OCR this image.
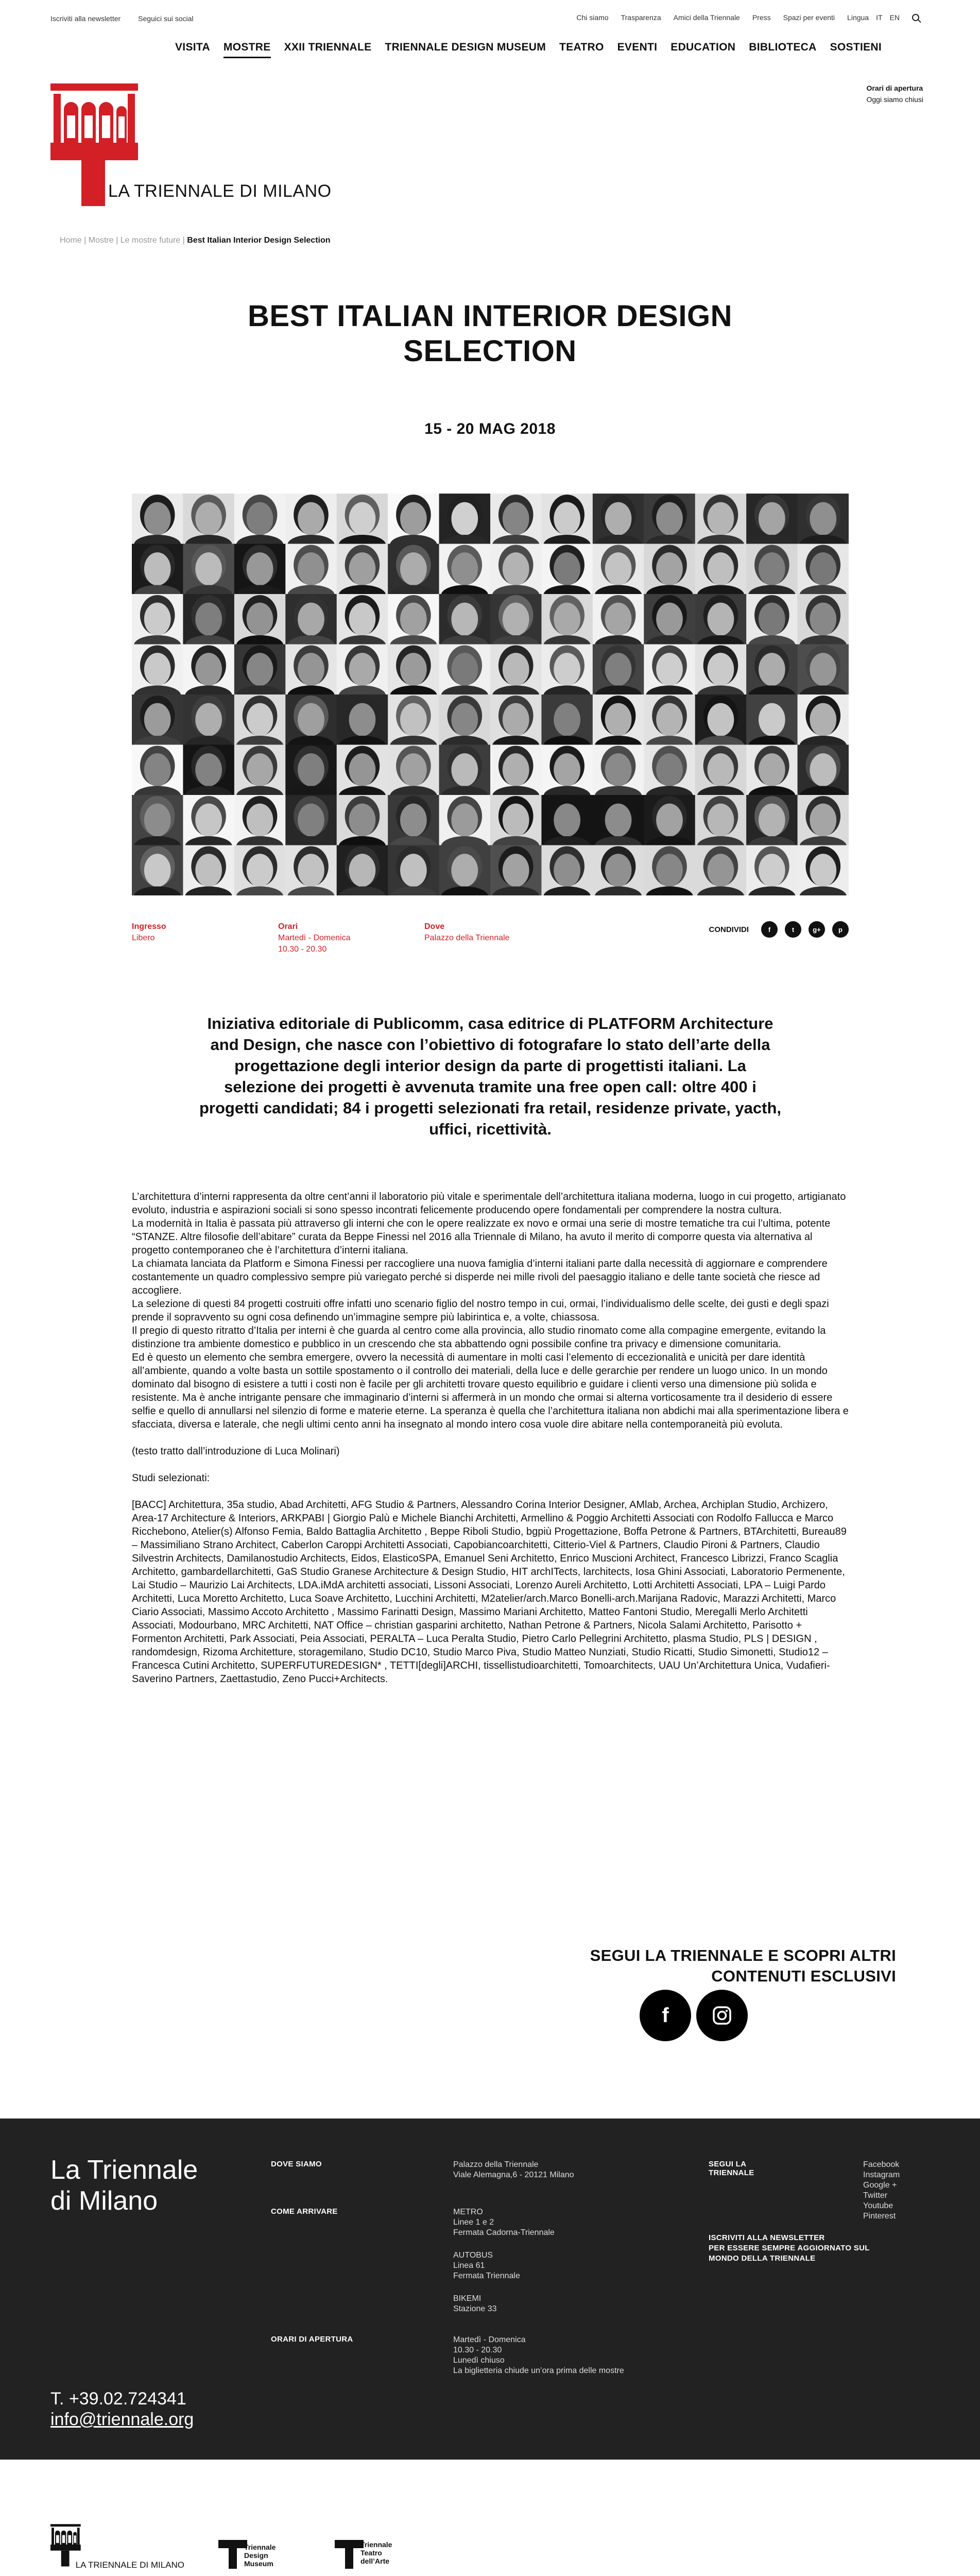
Iscriviti alla newsletter Seguici sui social	Chi siamo Trasparenza Amici della Triennale Press Spazi per eventi Lingua IT EN
VISITA MOSTRE XXII TRIENNALE TRIENNALE DESIGN MUSEUM TEATRO EVENTI EDUCATION BIBLIOTECA SOSTIENI
LA TRIENNALE DI MILANO
Orari di apertura
Oggi siamo chiusi
Home | Mostre | Le mostre future | Best Italian Interior Design Selection
BEST ITALIAN INTERIOR DESIGN
SELECTION
15 - 20 MAG 2018
Ingresso
Libero
Orari
Martedì - Domenica
10.30 - 20.30
Dove
Palazzo della Triennale
CONDIVIDI	f	t	g+	p
Iniziativa editoriale di Publicomm, casa editrice di PLATFORM Architecture and Design, che nasce con l’obiettivo di fotografare lo stato dell’arte della progettazione degli interior design da parte di progettisti italiani. La selezione dei progetti è avvenuta tramite una free open call: oltre 400 i progetti candidati; 84 i progetti selezionati fra retail, residenze private, yacth, uffici, ricettività.

L’architettura d’interni rappresenta da oltre cent’anni il laboratorio più vitale e sperimentale dell’architettura italiana moderna, luogo in cui progetto, artigianato evoluto, industria e aspirazioni sociali si sono spesso incontrati felicemente producendo opere fondamentali per comprendere la nostra cultura.

La modernità in Italia è passata più attraverso gli interni che con le opere realizzate ex novo e ormai una serie di mostre tematiche tra cui l’ultima, potente “STANZE. Altre filosofie dell’abitare” curata da Beppe Finessi nel 2016 alla Triennale di Milano, ha avuto il merito di comporre questa via alternativa al progetto contemporaneo che è l’architettura d’interni italiana.

La chiamata lanciata da Platform e Simona Finessi per raccogliere una nuova famiglia d’interni italiani parte dalla necessità di aggiornare e comprendere costantemente un quadro complessivo sempre più variegato perché si disperde nei mille rivoli del paesaggio italiano e delle tante società che riesce ad accogliere.

La selezione di questi 84 progetti costruiti offre infatti uno scenario figlio del nostro tempo in cui, ormai, l’individualismo delle scelte, dei gusti e degli spazi prende il sopravvento su ogni cosa definendo un’immagine sempre più labirintica e, a volte, chiassosa.

Il pregio di questo ritratto d’Italia per interni è che guarda al centro come alla provincia, allo studio rinomato come alla compagine emergente, evitando la distinzione tra ambiente domestico e pubblico in un crescendo che sta abbattendo ogni possibile confine tra privacy e dimensione comunitaria.

Ed è questo un elemento che sembra emergere, ovvero la necessità di aumentare in molti casi l’elemento di eccezionalità e unicità per dare identità all’ambiente, quando a volte basta un sottile spostamento o il controllo dei materiali, della luce e delle gerarchie per rendere un luogo unico. In un mondo dominato dal bisogno di esistere a tutti i costi non è facile per gli architetti trovare questo equilibrio e guidare i clienti verso una dimensione più solida e resistente. Ma è anche intrigante pensare che immaginario d’interni si affermerà in un mondo che ormai si alterna vorticosamente tra il desiderio di essere selfie e quello di annullarsi nel silenzio di forme e materie eterne. La speranza è quella che l’architettura italiana non abdichi mai alla sperimentazione libera e sfacciata, diversa e laterale, che negli ultimi cento anni ha insegnato al mondo intero cosa vuole dire abitare nella contemporaneità più evoluta.

(testo tratto dall’introduzione di Luca Molinari)

Studi selezionati:

[BACC] Architettura, 35a studio, Abad Architetti, AFG Studio & Partners, Alessandro Corina Interior Designer, AMlab, Archea, Archiplan Studio, Archizero, Area-17 Architecture & Interiors, ARKPABI | Giorgio Palù e Michele Bianchi Architetti, Armellino & Poggio Architetti Associati con Rodolfo Fallucca e Marco Ricchebono, Atelier(s) Alfonso Femia, Baldo Battaglia Architetto , Beppe Riboli Studio, bgpiù Progettazione, Boffa Petrone & Partners, BTArchitetti, Bureau89 – Massimiliano Strano Architect, Caberlon Caroppi Architetti Associati, Capobiancoarchitetti, Citterio-Viel & Partners, Claudio Pironi & Partners, Claudio Silvestrin Architects, Damilanostudio Architects, Eidos, ElasticoSPA, Emanuel Seni Architetto, Enrico Muscioni Architect, Francesco Librizzi, Franco Scaglia Architetto, gambardellarchitetti, GaS Studio Granese Architecture & Design Studio, HIT archITects, larchitects, Iosa Ghini Associati, Laboratorio Permenente, Lai Studio – Maurizio Lai Architects, LDA.iMdA architetti associati, Lissoni Associati, Lorenzo Aureli Architetto, Lotti Architetti Associati, LPA – Luigi Pardo Architetti, Luca Moretto Architetto, Luca Soave Architetto, Lucchini Architetti, M2atelier/arch.Marco Bonelli-arch.Marijana Radovic, Marazzi Architetti, Marco Ciario Associati, Massimo Accoto Architetto , Massimo Farinatti Design, Massimo Mariani Architetto, Matteo Fantoni Studio, Meregalli Merlo Architetti Associati, Modourbano, MRC Architetti, NAT Office – christian gasparini architetto, Nathan Petrone & Partners, Nicola Salami Architetto, Parisotto + Formenton Architetti, Park Associati, Peia Associati, PERALTA – Luca Peralta Studio, Pietro Carlo Pellegrini Architetto, plasma Studio, PLS | DESIGN , randomdesign, Rizoma Architetture, storagemilano, Studio DC10, Studio Marco Piva, Studio Matteo Nunziati, Studio Ricatti, Studio Simonetti, Studio12 – Francesca Cutini Architetto, SUPERFUTUREDESIGN* , TETTI[degli]ARCHI, tissellistudioarchitetti, Tomoarchitects, UAU Un’Architettura Unica, Vudafieri-Saverino Partners, Zaettastudio, Zeno Pucci+Architects.

SEGUI LA TRIENNALE E SCOPRI ALTRI
CONTENUTI ESCLUSIVI
f
La Triennale
di Milano
T. +39.02.724341
info@triennale.org
DOVE SIAMO	Palazzo della Triennale
Viale Alemagna,6 - 20121 Milano
COME ARRIVARE	METRO
Linee 1 e 2
Fermata Cadorna-Triennale
AUTOBUS
Linea 61
Fermata Triennale
BIKEMI
Stazione 33
ORARI DI APERTURA	Martedì - Domenica
10.30 - 20.30
Lunedì chiuso
La biglietteria chiude un’ora prima delle mostre
SEGUI LA
TRIENNALE
Facebook
Instagram
Google +
Twitter
Youtube
Pinterest
ISCRIVITI ALLA NEWSLETTER
PER ESSERE SEMPRE AGGIORNATO SUL
MONDO DELLA TRIENNALE
LA TRIENNALE DI MILANO
Triennale
Design
Museum
Triennale
Teatro
dell’Arte
